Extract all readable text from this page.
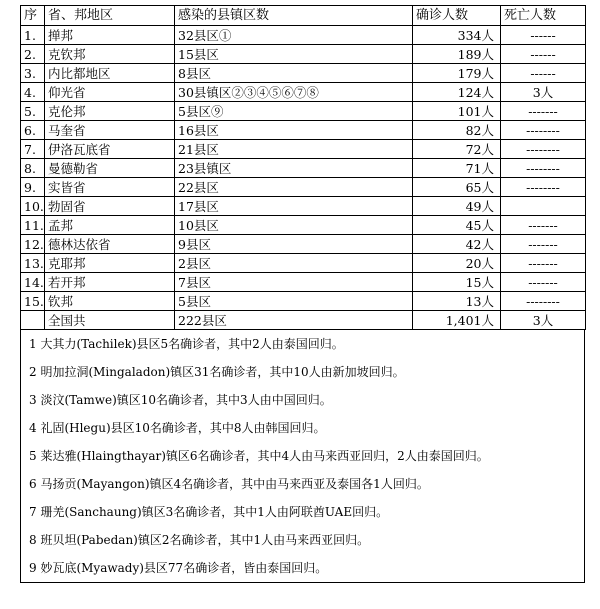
序	省、邦地区	感染的县镇区数	确诊人数	死亡人数
1.	掸邦	32县区①	334人	------
2.	克钦邦	15县区	189人	------
3.	内比都地区	8县区	179人	------
4.	仰光省	30县镇区②③④⑤⑥⑦⑧	124人	3人
5.	克伦邦	5县区⑨	101人	-------
6.	马奎省	16县区	82人	--------
7.	伊洛瓦底省	21县区	72人	--------
8.	曼德勒省	23县镇区	71人	--------
9.	实皆省	22县区	65人	--------
10.	勃固省	17县区	49人	
11.	孟邦	10县区	45人	-------
12.	德林达依省	9县区	42人	-------
13.	克耶邦	2县区	20人	-------
14.	若开邦	7县区	15人	-------
15.	钦邦	5县区	13人	--------
	全国共	222县区	1,401人	3人
1 大其力(Tachilek)县区5名确诊者，其中2人由泰国回归。
2 明加拉洞(Mingaladon)镇区31名确诊者，其中10人由新加坡回归。
3 淡汶(Tamwe)镇区10名确诊者，其中3人由中国回归。
4 礼固(Hlegu)县区10名确诊者，其中8人由韩国回归。
5 莱达雅(Hlaingthayar)镇区6名确诊者，其中4人由马来西亚回归，2人由泰国回归。
6 马扬贡(Mayangon)镇区4名确诊者，其中由马来西亚及泰国各1人回归。
7 珊羌(Sanchaung)镇区3名确诊者，其中1人由阿联酋UAE回归。
8 班贝坦(Pabedan)镇区2名确诊者，其中1人由马来西亚回归。
9 妙瓦底(Myawady)县区77名确诊者，皆由泰国回归。
